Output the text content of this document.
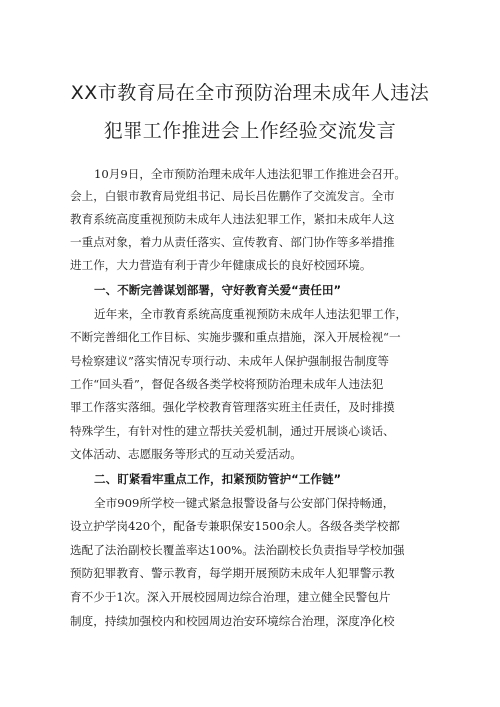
XX市教育局在全市预防治理未成年人违法
犯罪工作推进会上作经验交流发言
10月9日，全市预防治理未成年人违法犯罪工作推进会召开。
会上，白银市教育局党组书记、局长吕佐鹏作了交流发言。全市
教育系统高度重视预防未成年人违法犯罪工作，紧扣未成年人这
一重点对象，着力从责任落实、宣传教育、部门协作等多举措推
进工作，大力营造有利于青少年健康成长的良好校园环境。
一、不断完善谋划部署，守好教育关爱“责任田”
近年来，全市教育系统高度重视预防未成年人违法犯罪工作，
不断完善细化工作目标、实施步骤和重点措施，深入开展检视“一
号检察建议”落实情况专项行动、未成年人保护强制报告制度等
工作“回头看”，督促各级各类学校将预防治理未成年人违法犯
罪工作落实落细。强化学校教育管理落实班主任责任，及时排摸
特殊学生，有针对性的建立帮扶关爱机制，通过开展谈心谈话、
文体活动、志愿服务等形式的互动关爱活动。
二、盯紧看牢重点工作，扣紧预防管护“工作链”
全市909所学校一键式紧急报警设备与公安部门保持畅通，
设立护学岗420个，配备专兼职保安1500余人。各级各类学校都
选配了法治副校长覆盖率达100%。法治副校长负责指导学校加强
预防犯罪教育、警示教育，每学期开展预防未成年人犯罪警示教
育不少于1次。深入开展校园周边综合治理，建立健全民警包片
制度，持续加强校内和校园周边治安环境综合治理，深度净化校
